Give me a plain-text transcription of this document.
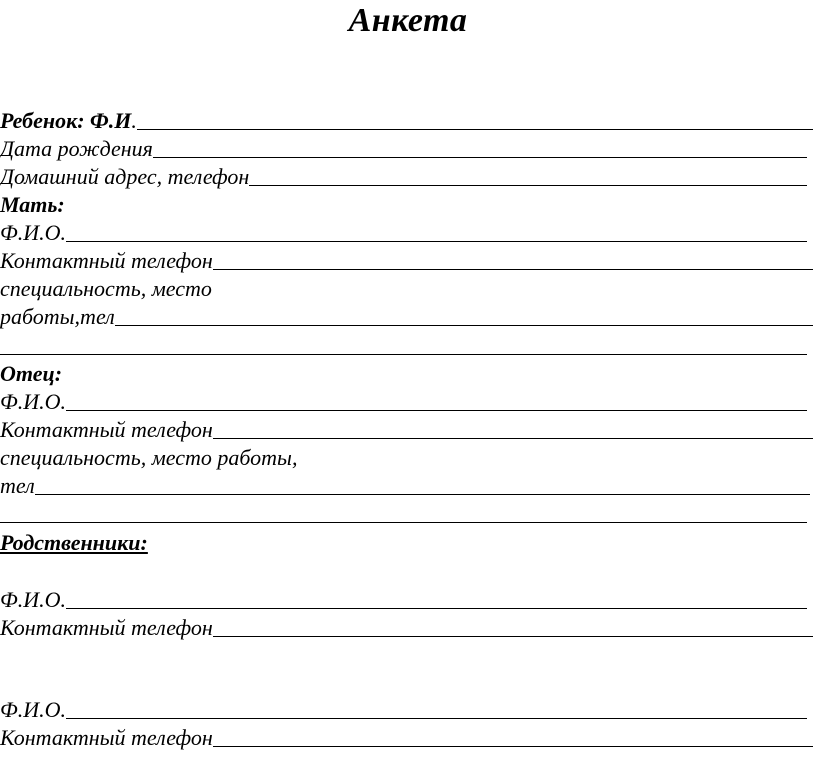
Анкета
Ребенок: Ф.И .
Дата рождения
Домашний адрес, телефон
Мать:
Ф.И.О.
Контактный телефон
специальность, место
работы,тел
Отец:
Ф.И.О.
Контактный телефон
специальность, место работы,
тел
Родственники:
Ф.И.О.
Контактный телефон
Ф.И.О.
Контактный телефон
